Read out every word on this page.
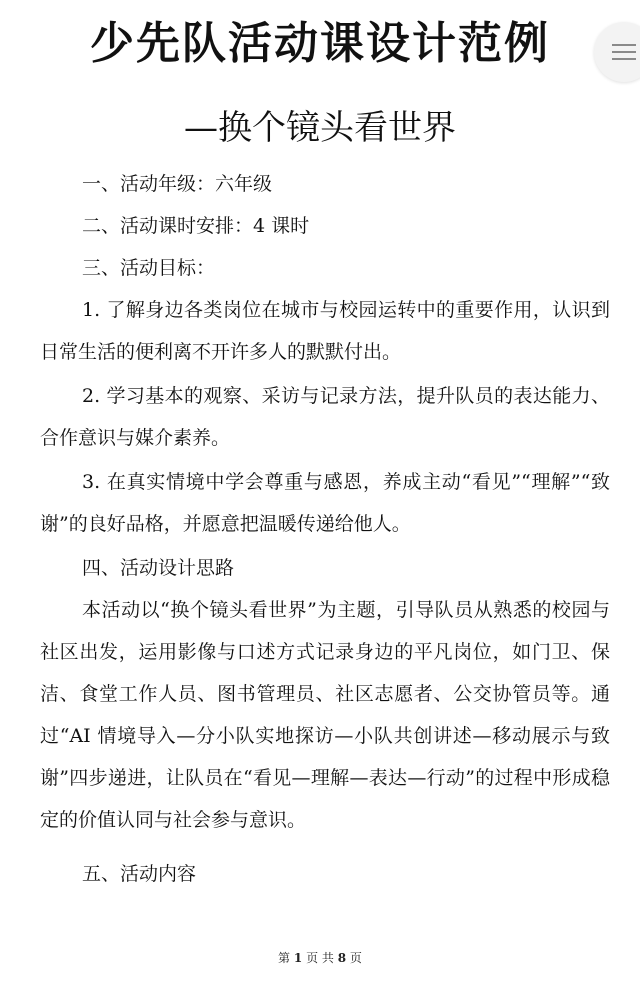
少先队活动课设计范例
—换个镜头看世界
一、活动年级：六年级
二、活动课时安排：4 课时
三、活动目标：
1. 了解身边各类岗位在城市与校园运转中的重要作用，认识到日常生活的便利离不开许多人的默默付出。
2. 学习基本的观察、采访与记录方法，提升队员的表达能力、合作意识与媒介素养。
3. 在真实情境中学会尊重与感恩，养成主动“看见”“理解”“致谢”的良好品格，并愿意把温暖传递给他人。
四、活动设计思路
本活动以“换个镜头看世界”为主题，引导队员从熟悉的校园与社区出发，运用影像与口述方式记录身边的平凡岗位，如门卫、保洁、食堂工作人员、图书管理员、社区志愿者、公交协管员等。通过“AI 情境导入—分小队实地探访—小队共创讲述—移动展示与致谢”四步递进，让队员在“看见—理解—表达—行动”的过程中形成稳定的价值认同与社会参与意识。
五、活动内容
第 1 页 共 8 页
